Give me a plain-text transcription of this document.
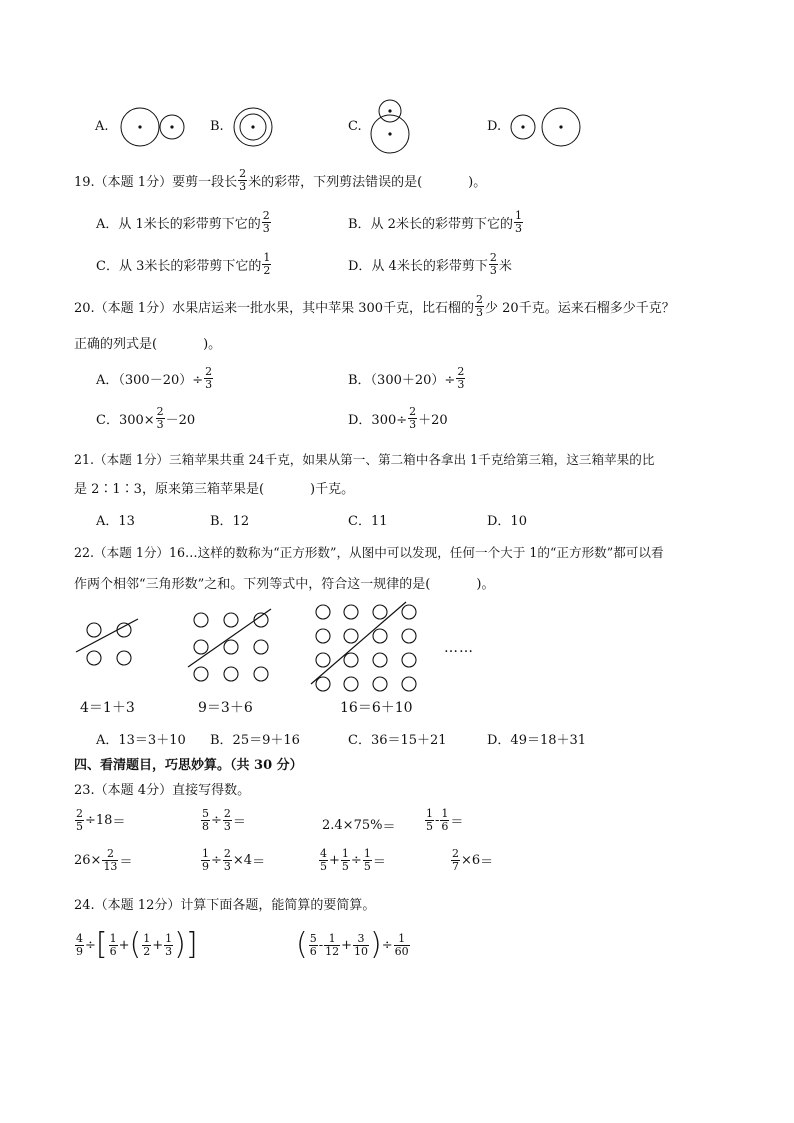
A.	B.	C.	D.
19.（本题 1分）要剪一段长 $\frac{2}{3}$ 米的彩带，下列剪法错误的是(	)。
A．从 1米长的彩带剪下它的 $\frac{2}{3}$	B．从 2米长的彩带剪下它的 $\frac{1}{3}$
C．从 3米长的彩带剪下它的 $\frac{1}{2}$	D．从 4米长的彩带剪下 $\frac{2}{3}$ 米
20.（本题 1分）水果店运来一批水果，其中苹果 300千克，比石榴的 $\frac{2}{3}$ 少 20千克。运来石榴多少千克？
正确的列式是(	)。
A．$(300-20)\div \frac{2}{3}$	B．$(300+20)\div \frac{2}{3}$
C．$300\times \frac{2}{3} -20$	D．$300\div \frac{2}{3} +20$
21.（本题 1分）三箱苹果共重 24千克，如果从第一、第二箱中各拿出 1千克给第三箱，这三箱苹果的比
是 2∶1∶3，原来第三箱苹果是(	)千克。
A．13	B．12	C．11	D．10
22.（本题 1分）16…这样的数称为“正方形数”，从图中可以发现，任何一个大于 1的“正方形数”都可以看
作两个相邻“三角形数”之和。下列等式中，符合这一规律的是(	)。
……
4＝1＋3	9＝3＋6	16＝6＋10
A．13＝3＋10 B．25＝9＋16	C．36＝15＋21	D．49＝18＋31
四、看清题目，巧思妙算。（共 30 分）
23.（本题 4分）直接写得数。
$\frac{2}{5} \div 18$ ＝	$\frac{5}{8} \div \frac{2}{3}$ ＝	2.4×75% ＝	$\frac{1}{5} - \frac{1}{6}$ ＝
$26\times \frac{2}{13}$ ＝	$\frac{1}{9} \div \frac{2}{3} \times 4$ ＝	$\frac{4}{5} + \frac{1}{5} \div \frac{1}{5}$ ＝	$\frac{2}{7} \times 6$ ＝
24.（本题 12分）计算下面各题，能简算的要简算。
$\frac{4}{9}$ ÷ [ $\frac{1}{6}$ + ( $\frac{1}{2} + \frac{1}{3}$ ) ]	( $\frac{5}{6} - \frac{1}{12} + \frac{3}{10}$ ) ÷ $\frac{1}{60}$
